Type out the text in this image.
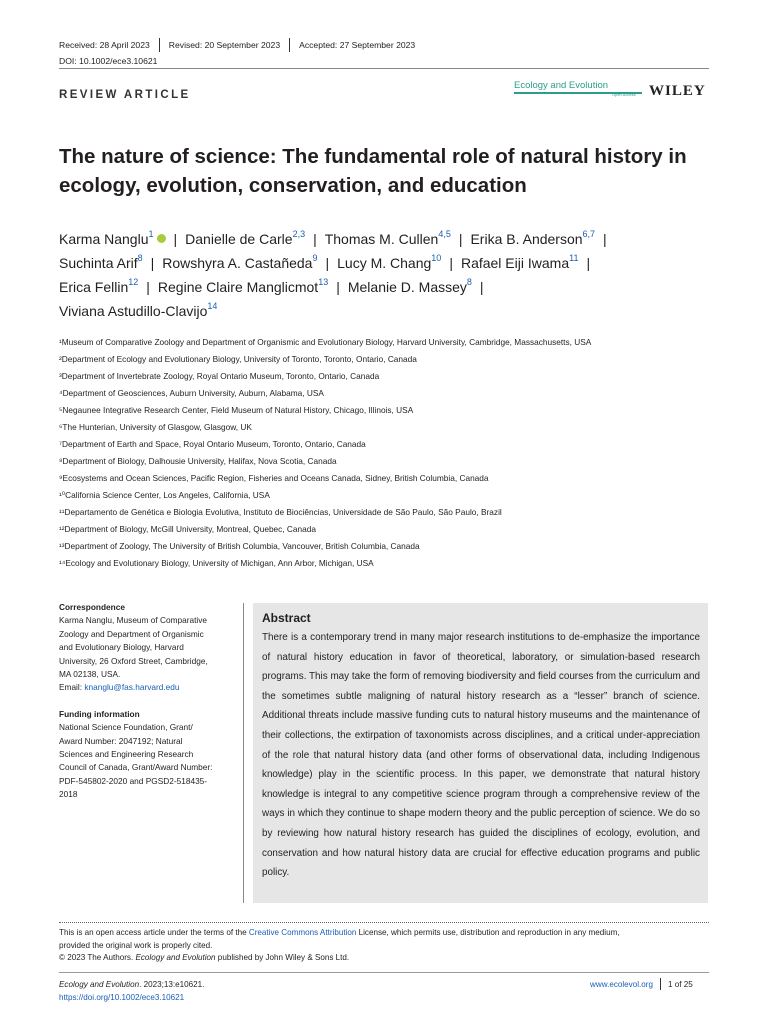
Received: 28 April 2023 Revised: 20 September 2023 Accepted: 27 September 2023
DOI: 10.1002/ece3.10621
REVIEW ARTICLE
Ecology and Evolution
Open Access WILEY
The nature of science: The fundamental role of natural history in ecology, evolution, conservation, and education
Karma Nanglu$^1$ | Danielle de Carle$^{2,3}$ | Thomas M. Cullen$^{4,5}$ | Erika B. Anderson$^{6,7}$ |
Suchinta Arif$^8$ | Rowshyra A. Castañeda$^9$ | Lucy M. Chang$^{10}$ | Rafael Eiji Iwama$^{11}$ |
Erica Fellin$^{12}$ | Regine Claire Manglicmot$^{13}$ | Melanie D. Massey$^8$ |
Viviana Astudillo-Clavijo$^{14}$
¹Museum of Comparative Zoology and Department of Organismic and Evolutionary Biology, Harvard University, Cambridge, Massachusetts, USA
²Department of Ecology and Evolutionary Biology, University of Toronto, Toronto, Ontario, Canada
³Department of Invertebrate Zoology, Royal Ontario Museum, Toronto, Ontario, Canada
⁴Department of Geosciences, Auburn University, Auburn, Alabama, USA
⁵Negaunee Integrative Research Center, Field Museum of Natural History, Chicago, Illinois, USA
⁶The Hunterian, University of Glasgow, Glasgow, UK
⁷Department of Earth and Space, Royal Ontario Museum, Toronto, Ontario, Canada
⁸Department of Biology, Dalhousie University, Halifax, Nova Scotia, Canada
⁹Ecosystems and Ocean Sciences, Pacific Region, Fisheries and Oceans Canada, Sidney, British Columbia, Canada
¹⁰California Science Center, Los Angeles, California, USA
¹¹Departamento de Genética e Biologia Evolutiva, Instituto de Biociências, Universidade de São Paulo, São Paulo, Brazil
¹²Department of Biology, McGill University, Montreal, Quebec, Canada
¹³Department of Zoology, The University of British Columbia, Vancouver, British Columbia, Canada
¹⁴Ecology and Evolutionary Biology, University of Michigan, Ann Arbor, Michigan, USA
Correspondence
Karma Nanglu, Museum of Comparative
Zoology and Department of Organismic
and Evolutionary Biology, Harvard
University, 26 Oxford Street, Cambridge,
MA 02138, USA.
Email: knanglu@fas.harvard.edu
Funding information
National Science Foundation, Grant/
Award Number: 2047192; Natural
Sciences and Engineering Research
Council of Canada, Grant/Award Number:
PDF-545802-2020 and PGSD2-518435-
2018
Abstract
There is a contemporary trend in many major research institutions to de-emphasize the importance of natural history education in favor of theoretical, laboratory, or simulation-based research programs. This may take the form of removing biodiversity and field courses from the curriculum and the sometimes subtle maligning of natural history research as a “lesser” branch of science. Additional threats include massive funding cuts to natural history museums and the maintenance of their collections, the extirpation of taxonomists across disciplines, and a critical under-appreciation of the role that natural history data (and other forms of observational data, including Indigenous knowledge) play in the scientific process. In this paper, we demonstrate that natural history knowledge is integral to any competitive science program through a comprehensive review of the ways in which they continue to shape modern theory and the public perception of science. We do so by reviewing how natural history research has guided the disciplines of ecology, evolution, and conservation and how natural history data are crucial for effective education programs and public policy.
This is an open access article under the terms of the Creative Commons Attribution License, which permits use, distribution and reproduction in any medium,
provided the original work is properly cited.
© 2023 The Authors. Ecology and Evolution published by John Wiley & Sons Ltd.
Ecology and Evolution. 2023;13:e10621.
https://doi.org/10.1002/ece3.10621
www.ecolevol.org 1 of 25
